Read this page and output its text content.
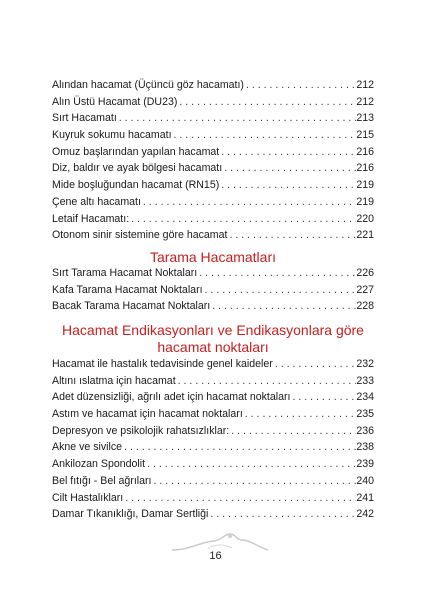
Alından hacamat (Üçüncü göz hacamatı) . . .	212
Alın Üstü Hacamat (DU23) . . .	212
Sırt Hacamatı . . .	213
Kuyruk sokumu hacamatı . . .	215
Omuz başlarından yapılan hacamat . . .	216
Diz, baldır ve ayak bölgesi hacamatı . . .	216
Mide boşluğundan hacamat (RN15) . . .	219
Çene altı hacamatı . . .	219
Letaif Hacamatı: . . .	220
Otonom sinir sistemine göre hacamat . . .	221
Tarama Hacamatları
Sırt Tarama Hacamat Noktaları . . .	226
Kafa Tarama Hacamat Noktaları . . .	227
Bacak Tarama Hacamat Noktaları . . .	228
Hacamat Endikasyonları ve Endikasyonlara göre
hacamat noktaları
Hacamat ile hastalık tedavisinde genel kaideler . . .	232
Altını ıslatma için hacamat . . .	233
Adet düzensizliği, ağrılı adet için hacamat noktaları . . .	234
Astım ve hacamat için hacamat noktaları . . .	235
Depresyon ve psikolojik rahatsızlıklar: . . .	236
Akne ve sivilce . . .	238
Ankilozan Spondolit . . .	239
Bel fıtığı - Bel ağrıları . . .	240
Cilt Hastalıkları . . .	241
Damar Tıkanıklığı, Damar Sertliği . . .	242
16
